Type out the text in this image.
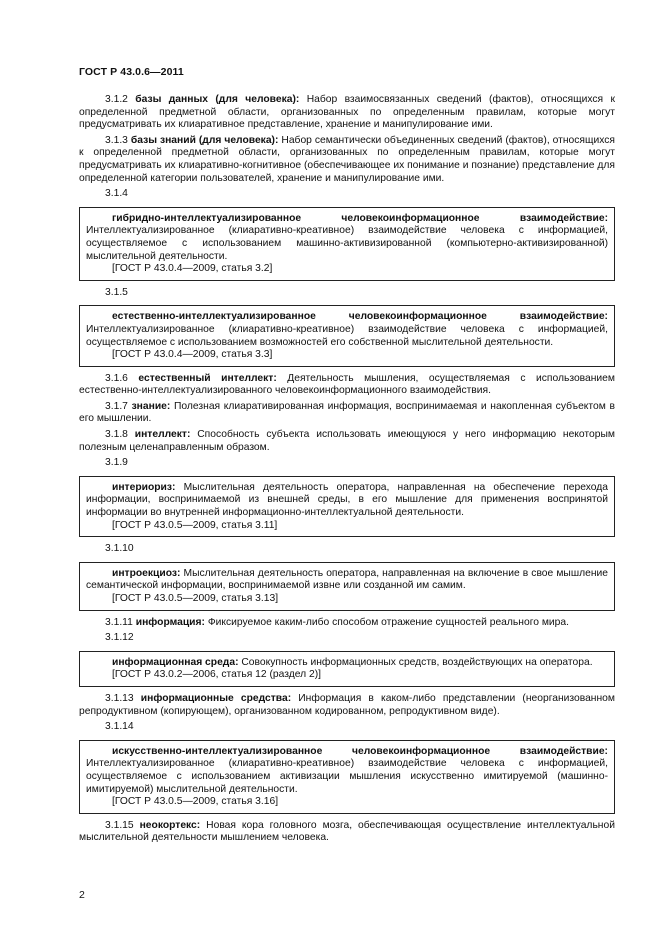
ГОСТ Р 43.0.6—2011

3.1.2 базы данных (для человека): Набор взаимосвязанных сведений (фактов), относящихся к определенной предметной области, организованных по определенным правилам, которые могут предусматривать их клиаративное представление, хранение и манипулирование ими.

3.1.3 базы знаний (для человека): Набор семантически объединенных сведений (фактов), относящихся к определенной предметной области, организованных по определенным правилам, которые могут предусматривать их клиаративно-когнитивное (обеспечивающее их понимание и познание) представление для определенной категории пользователей, хранение и манипулирование ими.

3.1.4

гибридно-интеллектуализированное человекоинформационное взаимодействие: Интеллектуализированное (клиаративно-креативное) взаимодействие человека с информацией, осуществляемое с использованием машинно-активизированной (компьютерно-активизированной) мыслительной деятельности.

[ГОСТ Р 43.0.4—2009, статья 3.2]
3.1.5

естественно-интеллектуализированное человекоинформационное взаимодействие: Интеллектуализированное (клиаративно-креативное) взаимодействие человека с информацией, осуществляемое с использованием возможностей его собственной мыслительной деятельности.

[ГОСТ Р 43.0.4—2009, статья 3.3]

3.1.6 естественный интеллект: Деятельность мышления, осуществляемая с использованием естественно-интеллектуализированного человекоинформационного взаимодействия.

3.1.7 знание: Полезная клиаративированная информация, воспринимаемая и накопленная субъектом в его мышлении.

3.1.8 интеллект: Способность субъекта использовать имеющуюся у него информацию некоторым полезным целенаправленным образом.

3.1.9

интериориз: Мыслительная деятельность оператора, направленная на обеспечение перехода информации, воспринимаемой из внешней среды, в его мышление для применения воспринятой информации во внутренней информационно-интеллектуальной деятельности.

[ГОСТ Р 43.0.5—2009, статья 3.11]
3.1.10

интроекциоз: Мыслительная деятельность оператора, направленная на включение в свое мышление семантической информации, воспринимаемой извне или созданной им самим.

[ГОСТ Р 43.0.5—2009, статья 3.13]

3.1.11 информация: Фиксируемое каким-либо способом отражение сущностей реального мира.

3.1.12

информационная среда: Совокупность информационных средств, воздействующих на оператора.

[ГОСТ Р 43.0.2—2006, статья 12 (раздел 2)]

3.1.13 информационные средства: Информация в каком-либо представлении (неорганизованном репродуктивном (копирующем), организованном кодированном, репродуктивном виде).

3.1.14

искусственно-интеллектуализированное человекоинформационное взаимодействие: Интеллектуализированное (клиаративно-креативное) взаимодействие человека с информацией, осуществляемое с использованием активизации мышления искусственно имитируемой (машинно-имитируемой) мыслительной деятельности.

[ГОСТ Р 43.0.5—2009, статья 3.16]

3.1.15 неокортекс: Новая кора головного мозга, обеспечивающая осуществление интеллектуальной мыслительной деятельности мышлением человека.

2
